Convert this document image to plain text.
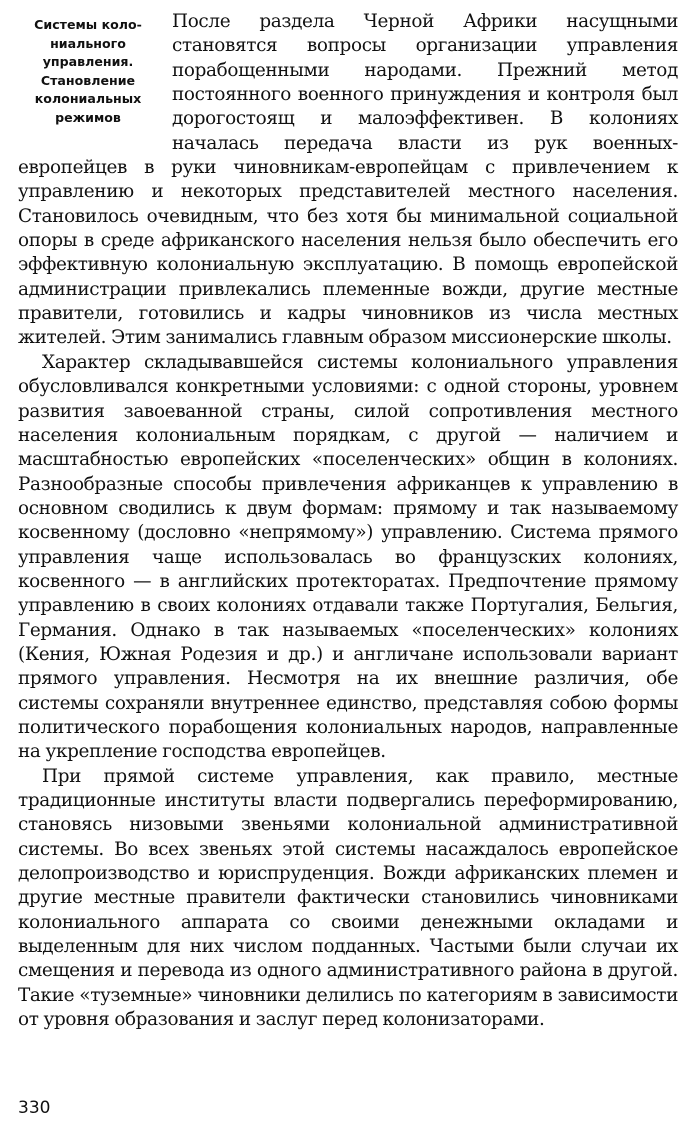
Системы коло-
ниального
управления.
Становление
колониальных
режимов

После раздела Черной Африки насущными становятся вопросы организации управления порабощенными народами. Прежний метод постоянного военного принуждения и контроля был дорогостоящ и малоэффективен. В колониях началась передача власти из рук военных-европейцев в руки чиновникам-европейцам с привлечением к управлению и некоторых представителей местного населения. Становилось очевидным, что без хотя бы минимальной социальной опоры в среде африканского населения нельзя было обеспечить его эффективную колониальную эксплуатацию. В помощь европейской администрации привлекались племенные вожди, другие местные правители, готовились и кадры чиновников из числа местных жителей. Этим занимались главным образом миссионерские школы.

Характер складывавшейся системы колониального управления обусловливался конкретными условиями: с одной стороны, уровнем развития завоеванной страны, силой сопротивления местного населения колониальным порядкам, с другой — наличием и масштабностью европейских «поселенческих» общин в колониях. Разнообразные способы привлечения африканцев к управлению в основном сводились к двум формам: прямому и так называемому косвенному (дословно «непрямому») управлению. Система прямого управления чаще использовалась во французских колониях, косвенного — в английских протекторатах. Предпочтение прямому управлению в своих колониях отдавали также Португалия, Бельгия, Германия. Однако в так называемых «поселенческих» колониях (Кения, Южная Родезия и др.) и англичане использовали вариант прямого управления. Несмотря на их внешние различия, обе системы сохраняли внутреннее единство, представляя собою формы политического порабощения колониальных народов, направленные на укрепление господства европейцев.

При прямой системе управления, как правило, местные традиционные институты власти подвергались переформированию, становясь низовыми звеньями колониальной административной системы. Во всех звеньях этой системы насаждалось европейское делопроизводство и юриспруденция. Вожди африканских племен и другие местные правители фактически становились чиновниками колониального аппарата со своими денежными окладами и выделенным для них числом подданных. Частыми были случаи их смещения и перевода из одного административного района в другой. Такие «туземные» чиновники делились по категориям в зависимости от уровня образования и заслуг перед колонизаторами.

330
